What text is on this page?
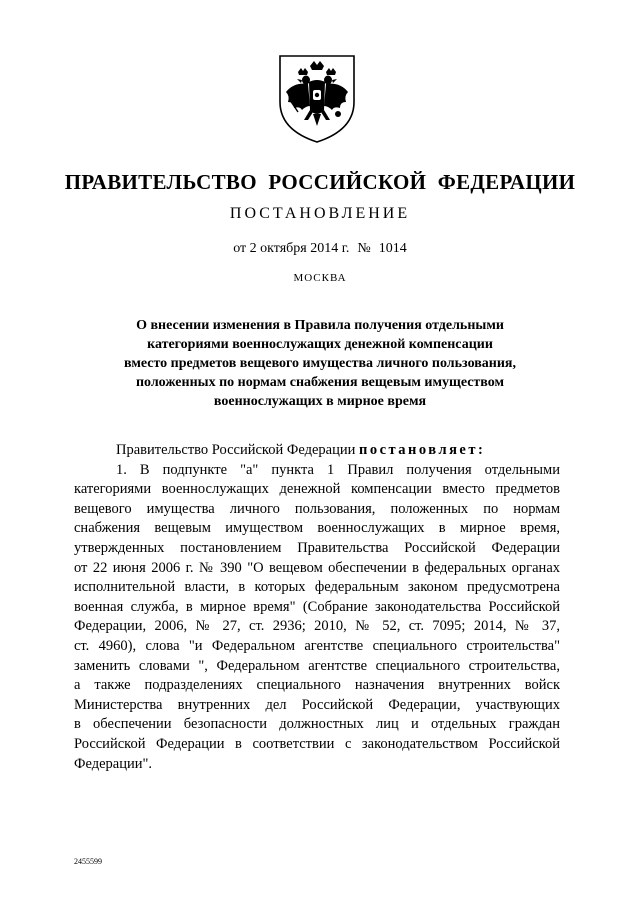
ПРАВИТЕЛЬСТВО РОССИЙСКОЙ ФЕДЕРАЦИИ
ПОСТАНОВЛЕНИЕ
от 2 октября 2014 г. № 1014
МОСКВА
О внесении изменения в Правила получения отдельными
категориями военнослужащих денежной компенсации
вместо предметов вещевого имущества личного пользования,
положенных по нормам снабжения вещевым имуществом
военнослужащих в мирное время
Правительство Российской Федерации постановляет:
1. В подпункте "а" пункта 1 Правил получения отдельными
категориями военнослужащих денежной компенсации вместо предметов
вещевого имущества личного пользования, положенных по нормам
снабжения вещевым имуществом военнослужащих в мирное время,
утвержденных постановлением Правительства Российской Федерации
от 22 июня 2006 г. № 390 "О вещевом обеспечении в федеральных органах
исполнительной власти, в которых федеральным законом предусмотрена
военная служба, в мирное время" (Собрание законодательства Российской
Федерации, 2006, № 27, ст. 2936; 2010, № 52, ст. 7095; 2014, № 37,
ст. 4960), слова "и Федеральном агентстве специального строительства"
заменить словами ", Федеральном агентстве специального строительства,
а также подразделениях специального назначения внутренних войск
Министерства внутренних дел Российской Федерации, участвующих
в обеспечении безопасности должностных лиц и отдельных граждан
Российской Федерации в соответствии с законодательством Российской
Федерации".
2455599
